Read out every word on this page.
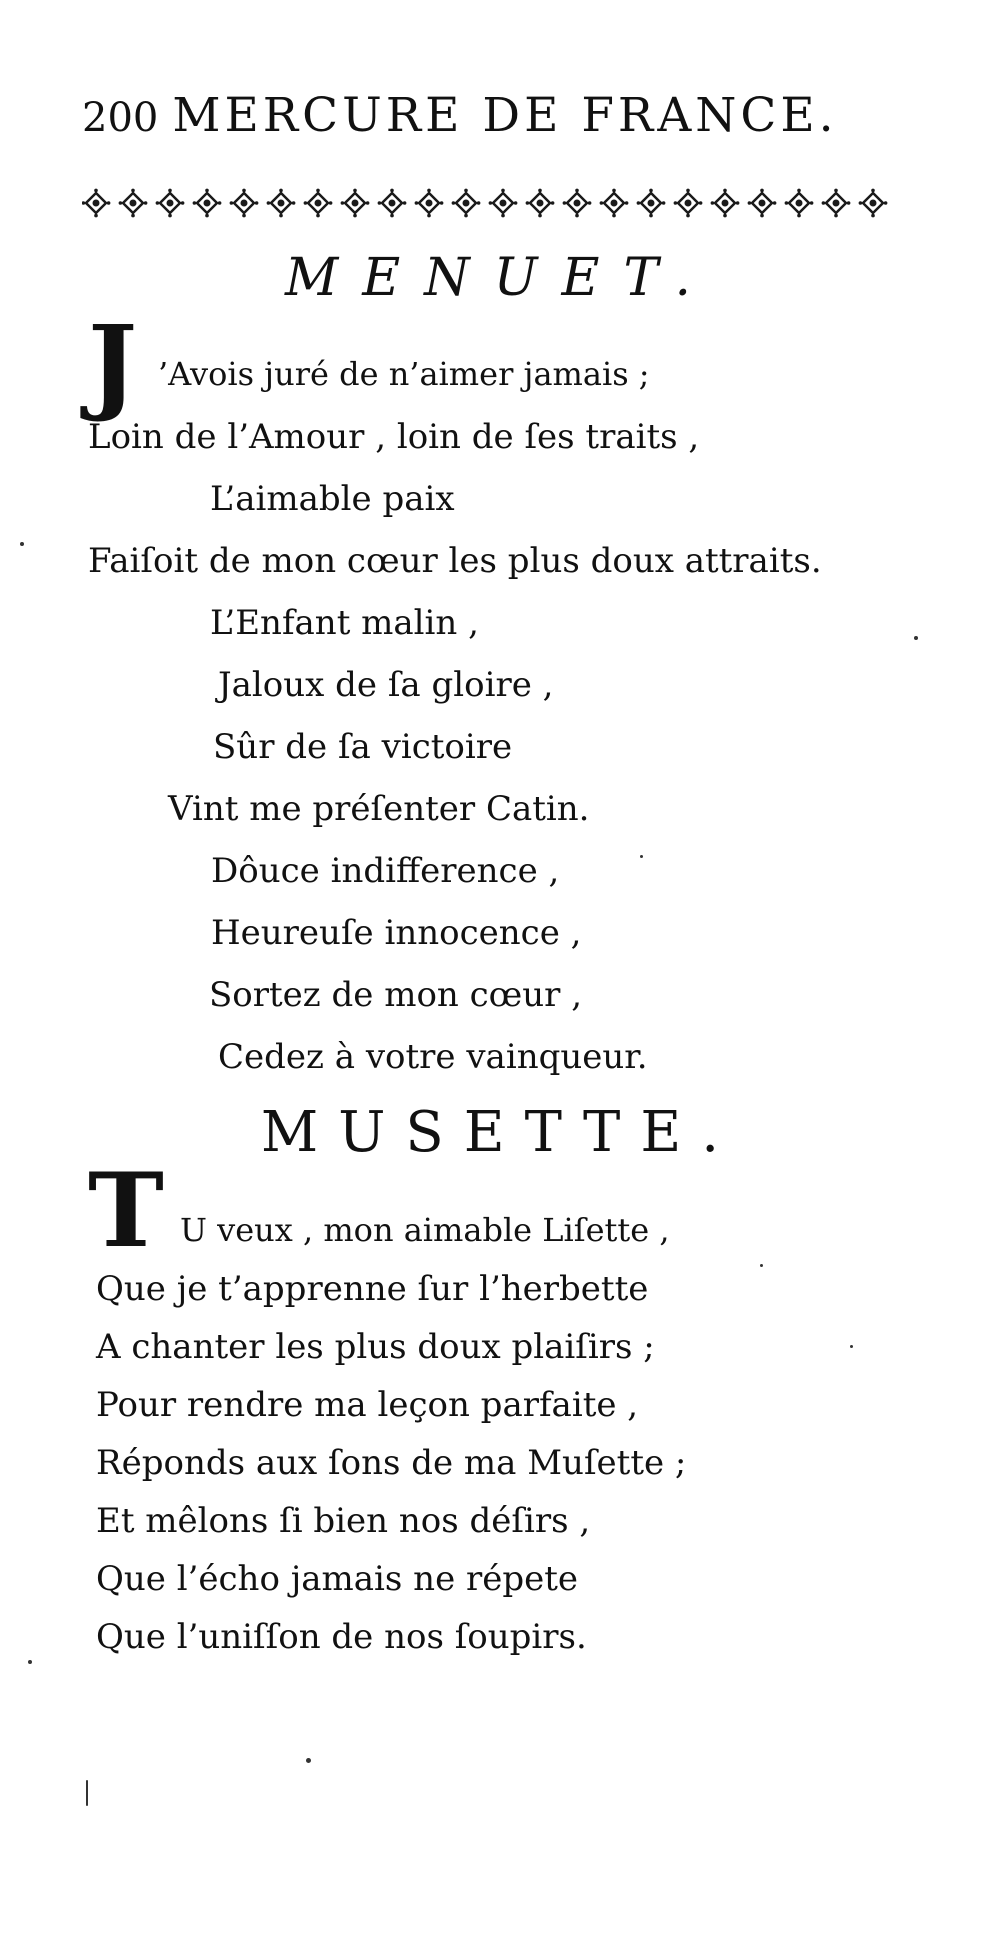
200 MERCURE DE FRANCE.
MENUET.
J ’Avois juré de n’aimer jamais ;
Loin de l’Amour , loin de ſes traits ,
L’aimable paix
Faiſoit de mon cœur les plus doux attraits.
L’Enfant malin ,
Jaloux de ſa gloire ,
Sûr de ſa victoire
Vint me préſenter Catin.
Dôuce indifference ,
Heureuſe innocence ,
Sortez de mon cœur ,
Cedez à votre vainqueur.
MUSETTE.
T U veux , mon aimable Liſette ,
Que je t’apprenne ſur l’herbette
A chanter les plus doux plaiſirs ;
Pour rendre ma leçon parfaite ,
Réponds aux ſons de ma Muſette ;
Et mêlons ſi bien nos déſirs ,
Que l’écho jamais ne répete
Que l’uniſſon de nos ſoupirs.
